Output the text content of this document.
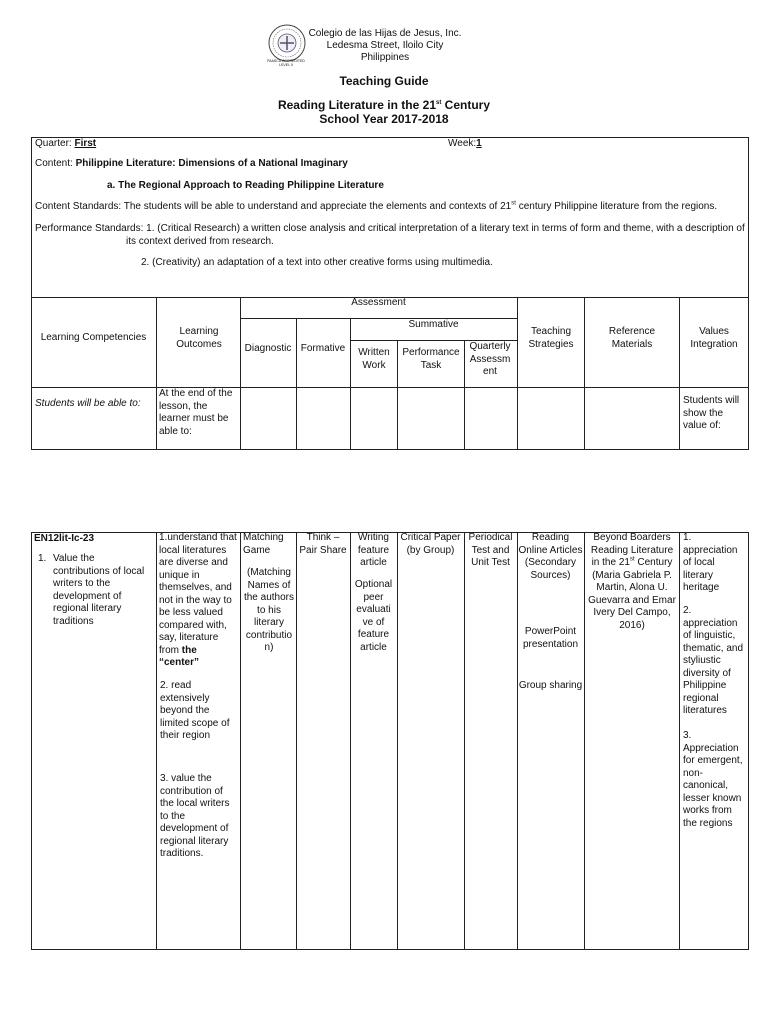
PAASCU ACCREDITED LEVEL II
Colegio de las Hijas de Jesus, Inc.
Ledesma Street, Iloilo City
Philippines
Teaching Guide
Reading Literature in the 21st Century
School Year 2017-2018
Quarter: First	Week:1
Content: Philippine Literature: Dimensions of a National Imaginary
a. The Regional Approach to Reading Philippine Literature
Content Standards: The students will be able to understand and appreciate the elements and contexts of 21st century Philippine literature from the regions.
Performance Standards: 1. (Critical Research) a written close analysis and critical interpretation of a literary text in terms of form and theme, with a description of
its context derived from research.
2. (Creativity) an adaptation of a text into other creative forms using multimedia.
Learning Competencies
Learning Outcomes
Assessment
Diagnostic Formative
Summative
Written Work
Performance Task
Quarterly Assessm ent
Teaching Strategies
Reference Materials
Values Integration
Students will be able to:
At the end of the lesson, the learner must be able to:
Students will show the value of:
EN12lit-Ic-23
1. Value the contributions of local writers to the development of regional literary traditions
1.understand that local literatures are diverse and unique in themselves, and not in the way to be less valued compared with, say, literature from the “center”
2. read extensively beyond the limited scope of their region
3. value the contribution of the local writers to the development of regional literary traditions.
Matching Game
(Matching Names of the authors to his literary contributio n)
Think – Pair Share
Writing feature article
Optional peer evaluati ve of feature article
Critical Paper (by Group)
Periodical Test and Unit Test
Reading Online Articles (Secondary Sources)
PowerPoint presentation
Group sharing
Beyond Boarders Reading Literature in the 21st Century (Maria Gabriela P. Martin, Alona U. Guevarra and Emar Ivery Del Campo, 2016)
1. appreciation of local literary heritage
2. appreciation of linguistic, thematic, and styliustic diversity of Philippine regional literatures
3. Appreciation for emergent, non-canonical, lesser known works from the regions
